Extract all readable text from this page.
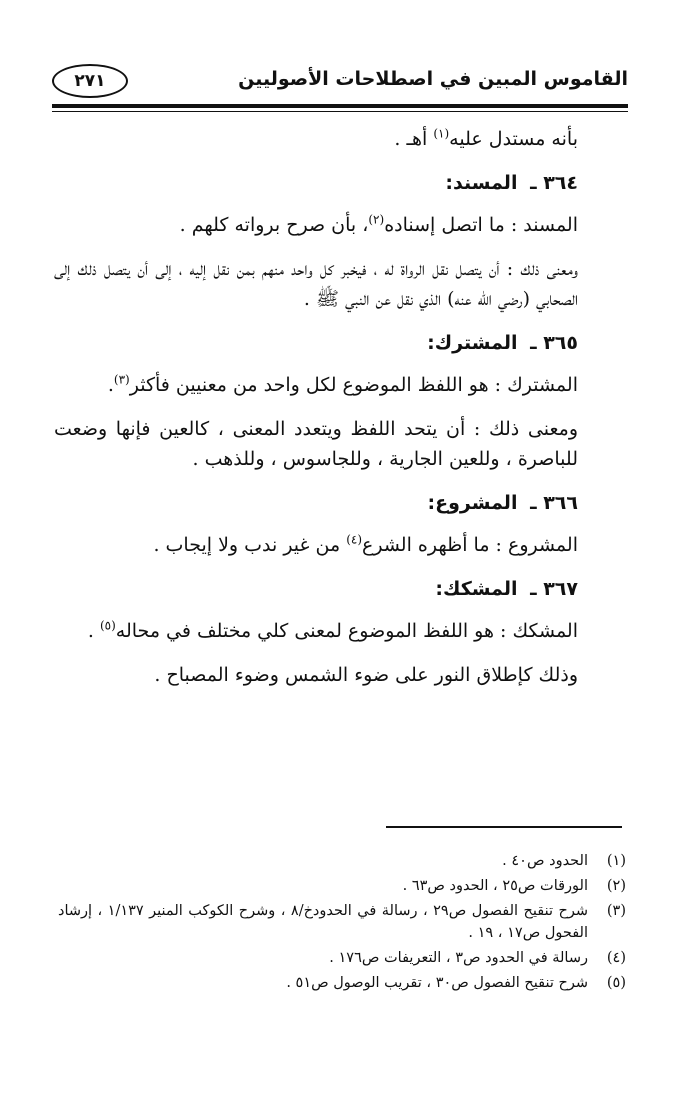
القاموس المبين في اصطلاحات الأصوليين
٢٧١

بأنه مستدل عليه$^{(١)}$ أهـ .

٣٦٤ ـ المسند:

المسند : ما اتصل إسناده$^{(٢)}$، بأن صرح برواته كلهم .

ومعنى ذلك : أن يتصل نقل الرواة له ، فيخبر كل واحد منهم بمن نقل إليه ، إلى أن يتصل ذلك إلى الصحابي (رضي الله عنه) الذي نقل عن النبي ﷺ .

٣٦٥ ـ المشترك:

المشترك : هو اللفظ الموضوع لكل واحد من معنيين فأكثر$^{(٣)}$.

ومعنى ذلك : أن يتحد اللفظ ويتعدد المعنى ، كالعين فإنها وضعت للباصرة ، وللعين الجارية ، وللجاسوس ، وللذهب .

٣٦٦ ـ المشروع:

المشروع : ما أظهره الشرع$^{(٤)}$ من غير ندب ولا إيجاب .

٣٦٧ ـ المشكك:

المشكك : هو اللفظ الموضوع لمعنى كلي مختلف في محاله$^{(٥)}$ .

وذلك كإطلاق النور على ضوء الشمس وضوء المصباح .

(١)
الحدود ص٤٠ .
(٢)
الورقات ص٢٥ ، الحدود ص٦٣ .
(٣)
شرح تنقيح الفصول ص٢٩ ، رسالة في الحدودخ/٨ ، وشرح الكوكب المنير ١/١٣٧ ، إرشاد الفحول ص١٧ ، ١٩ .
(٤)
رسالة في الحدود ص٣ ، التعريفات ص١٧٦ .
(٥)
شرح تنقيح الفصول ص٣٠ ، تقريب الوصول ص٥١ .
